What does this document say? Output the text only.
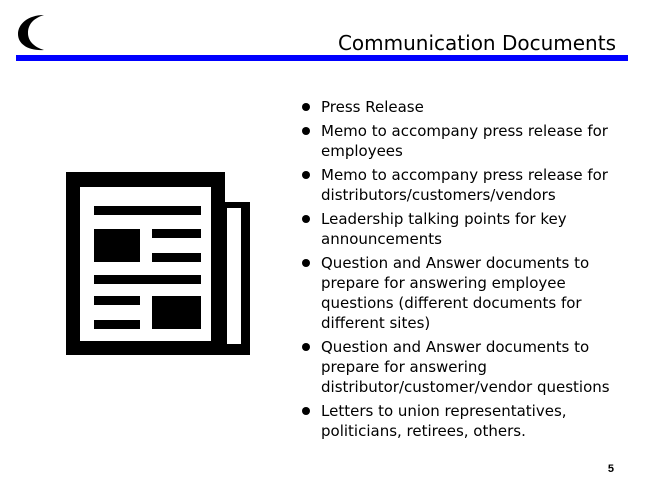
Communication Documents
Press Release
Memo to accompany press release for employees
Memo to accompany press release for distributors/customers/vendors
Leadership talking points for key announcements
Question and Answer documents to prepare for answering employee questions (different documents for different sites)
Question and Answer documents to prepare for answering distributor/customer/vendor questions
Letters to union representatives, politicians, retirees, others.
5
